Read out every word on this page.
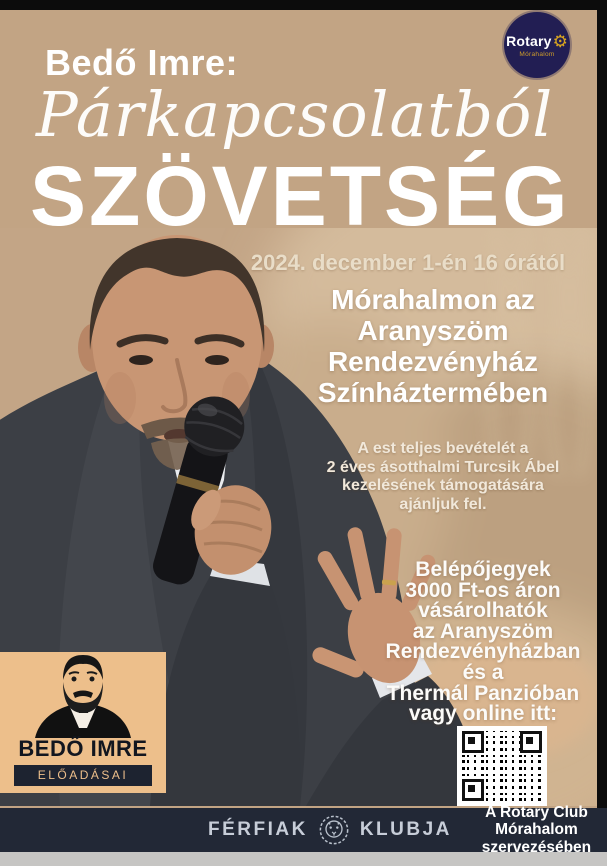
Bedő Imre:
Párkapcsolatból
SZÖVETSÉG
Rotary ⚙
Mórahalom
2024. december 1-én 16 órától
Mórahalmon az
Aranyszöm
Rendezvényház
Színháztermében
A est teljes bevételét a
2 éves ásotthalmi Turcsik Ábel
kezelésének támogatására
ajánljuk fel.
Belépőjegyek
3000 Ft-os áron
vásárolhatók
az Aranyszöm
Rendezvényházban
és a
Thermál Panzióban
vagy online itt:
BEDŐ IMRE
ELŐADÁSAI
FÉRFIAK	KLUBJA
A Rotary Club Mórahalom
szervezésében
